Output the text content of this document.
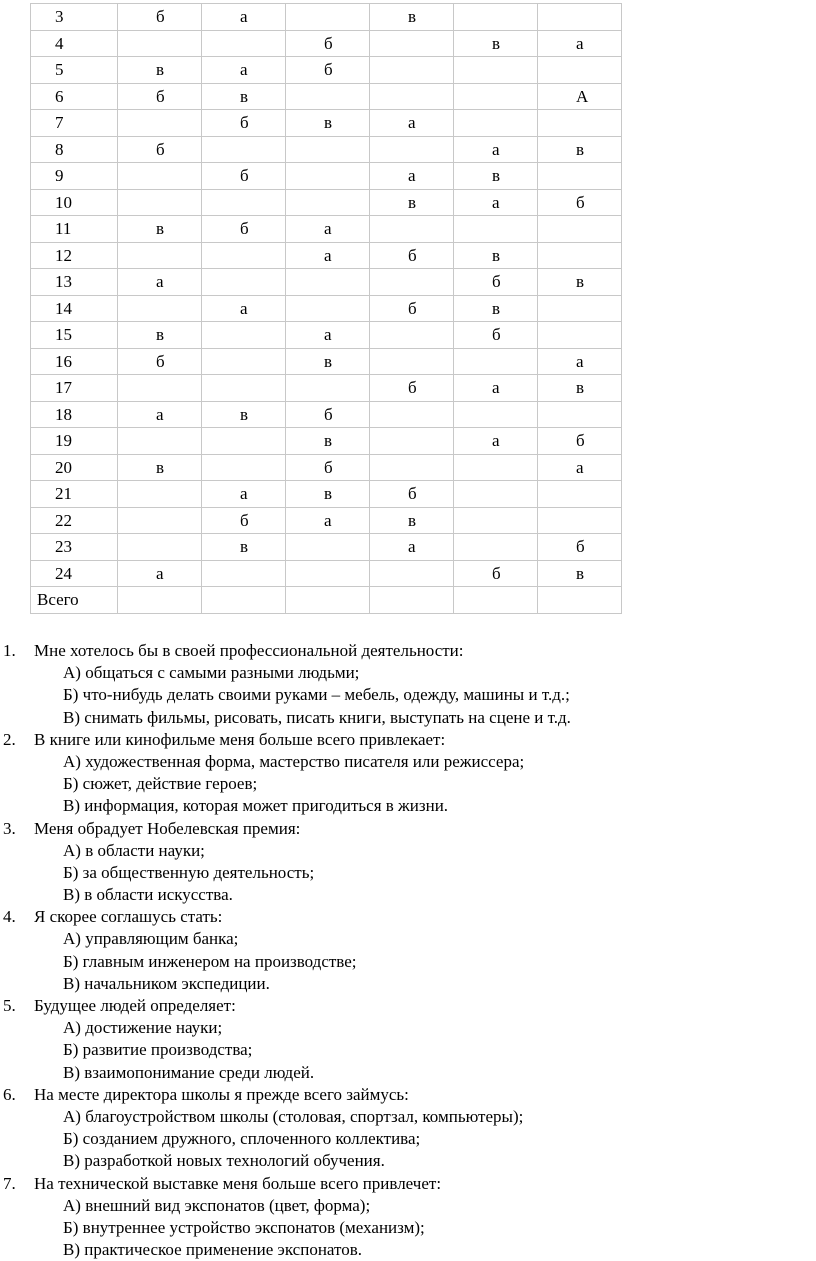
3	б	а		в		
4			б		в	а
5	в	а	б			
6	б	в				А
7		б	в	а		
8	б				а	в
9		б		а	в	
10				в	а	б
11	в	б	а			
12			а	б	в	
13	а				б	в
14		а		б	в	
15	в		а		б	
16	б		в			а
17				б	а	в
18	а	в	б			
19			в		а	б
20	в		б			а
21		а	в	б		
22		б	а	в		
23		в		а		б
24	а				б	в
Всего						
1.	Мне хотелось бы в своей профессиональной деятельности:
А) общаться с самыми разными людьми;
Б) что-нибудь делать своими руками – мебель, одежду, машины и т.д.;
В) снимать фильмы, рисовать, писать книги, выступать на сцене и т.д.
2.	В книге или кинофильме меня больше всего привлекает:
А) художественная форма, мастерство писателя или режиссера;
Б) сюжет, действие героев;
В) информация, которая может пригодиться в жизни.
3.	Меня обрадует Нобелевская премия:
А) в области науки;
Б) за общественную деятельность;
В) в области искусства.
4.	Я скорее соглашусь стать:
А) управляющим банка;
Б) главным инженером на производстве;
В) начальником экспедиции.
5.	Будущее людей определяет:
А) достижение науки;
Б) развитие производства;
В) взаимопонимание среди людей.
6.	На месте директора школы я прежде всего займусь:
А) благоустройством школы (столовая, спортзал, компьютеры);
Б) созданием дружного, сплоченного коллектива;
В) разработкой новых технологий обучения.
7.	На технической выставке меня больше всего привлечет:
А) внешний вид экспонатов (цвет, форма);
Б) внутреннее устройство экспонатов (механизм);
В) практическое применение экспонатов.
